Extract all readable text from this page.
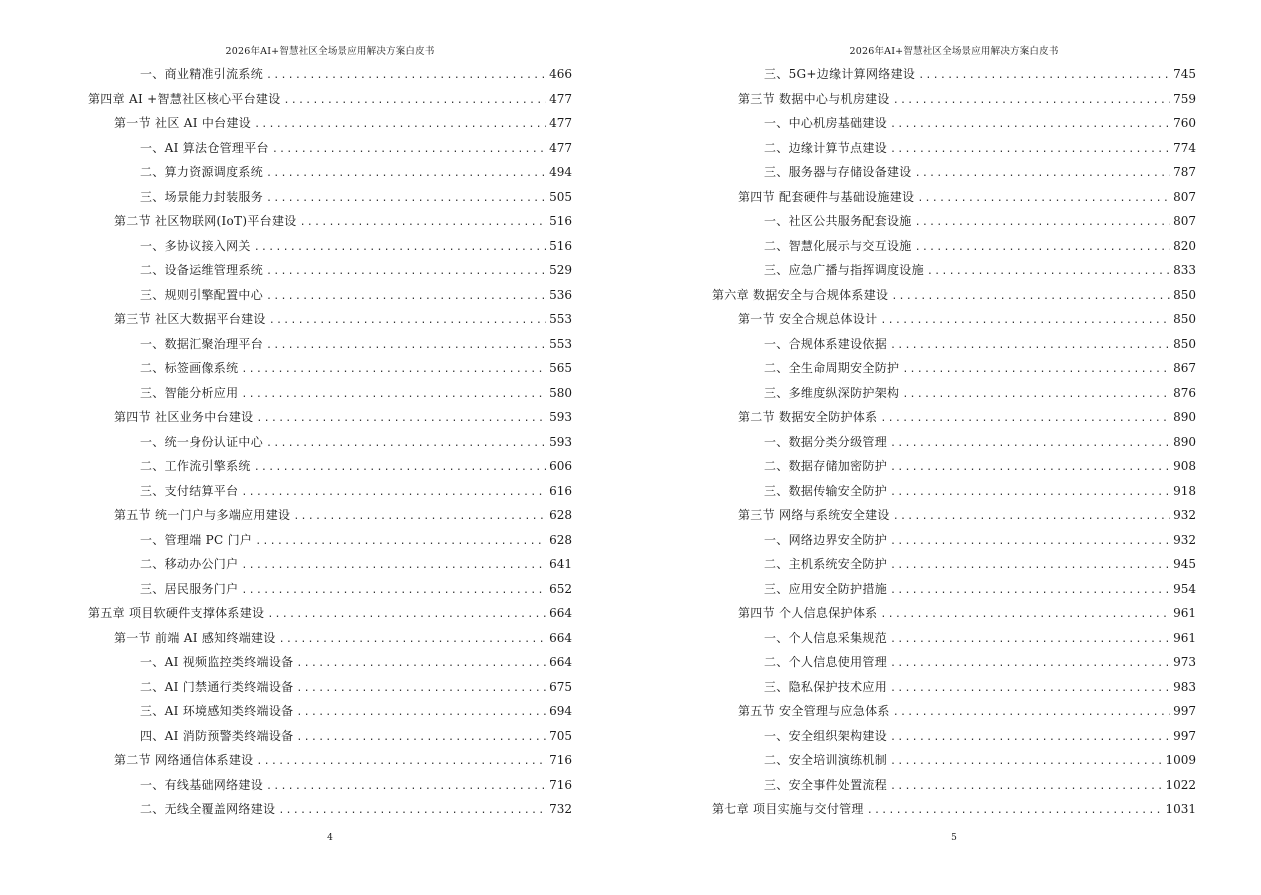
2026年AI+智慧社区全场景应用解决方案白皮书
一、商业精准引流系统 .....	466
第四章 AI +智慧社区核心平台建设 .....	477
第一节 社区 AI 中台建设 .....	477
一、AI 算法仓管理平台 .....	477
二、算力资源调度系统 .....	494
三、场景能力封装服务 .....	505
第二节 社区物联网(IoT)平台建设 .....	516
一、多协议接入网关 .....	516
二、设备运维管理系统 .....	529
三、规则引擎配置中心 .....	536
第三节 社区大数据平台建设 .....	553
一、数据汇聚治理平台 .....	553
二、标签画像系统 .....	565
三、智能分析应用 .....	580
第四节 社区业务中台建设 .....	593
一、统一身份认证中心 .....	593
二、工作流引擎系统 .....	606
三、支付结算平台 .....	616
第五节 统一门户与多端应用建设 .....	628
一、管理端 PC 门户 .....	628
二、移动办公门户 .....	641
三、居民服务门户 .....	652
第五章 项目软硬件支撑体系建设 .....	664
第一节 前端 AI 感知终端建设 .....	664
一、AI 视频监控类终端设备 .....	664
二、AI 门禁通行类终端设备 .....	675
三、AI 环境感知类终端设备 .....	694
四、AI 消防预警类终端设备 .....	705
第二节 网络通信体系建设 .....	716
一、有线基础网络建设 .....	716
二、无线全覆盖网络建设 .....	732
4
2026年AI+智慧社区全场景应用解决方案白皮书
三、5G+边缘计算网络建设 .....	745
第三节 数据中心与机房建设 .....	759
一、中心机房基础建设 .....	760
二、边缘计算节点建设 .....	774
三、服务器与存储设备建设 .....	787
第四节 配套硬件与基础设施建设 .....	807
一、社区公共服务配套设施 .....	807
二、智慧化展示与交互设施 .....	820
三、应急广播与指挥调度设施 .....	833
第六章 数据安全与合规体系建设 .....	850
第一节 安全合规总体设计 .....	850
一、合规体系建设依据 .....	850
二、全生命周期安全防护 .....	867
三、多维度纵深防护架构 .....	876
第二节 数据安全防护体系 .....	890
一、数据分类分级管理 .....	890
二、数据存储加密防护 .....	908
三、数据传输安全防护 .....	918
第三节 网络与系统安全建设 .....	932
一、网络边界安全防护 .....	932
二、主机系统安全防护 .....	945
三、应用安全防护措施 .....	954
第四节 个人信息保护体系 .....	961
一、个人信息采集规范 .....	961
二、个人信息使用管理 .....	973
三、隐私保护技术应用 .....	983
第五节 安全管理与应急体系 .....	997
一、安全组织架构建设 .....	997
二、安全培训演练机制 .....	1009
三、安全事件处置流程 .....	1022
第七章 项目实施与交付管理 .....	1031
5
